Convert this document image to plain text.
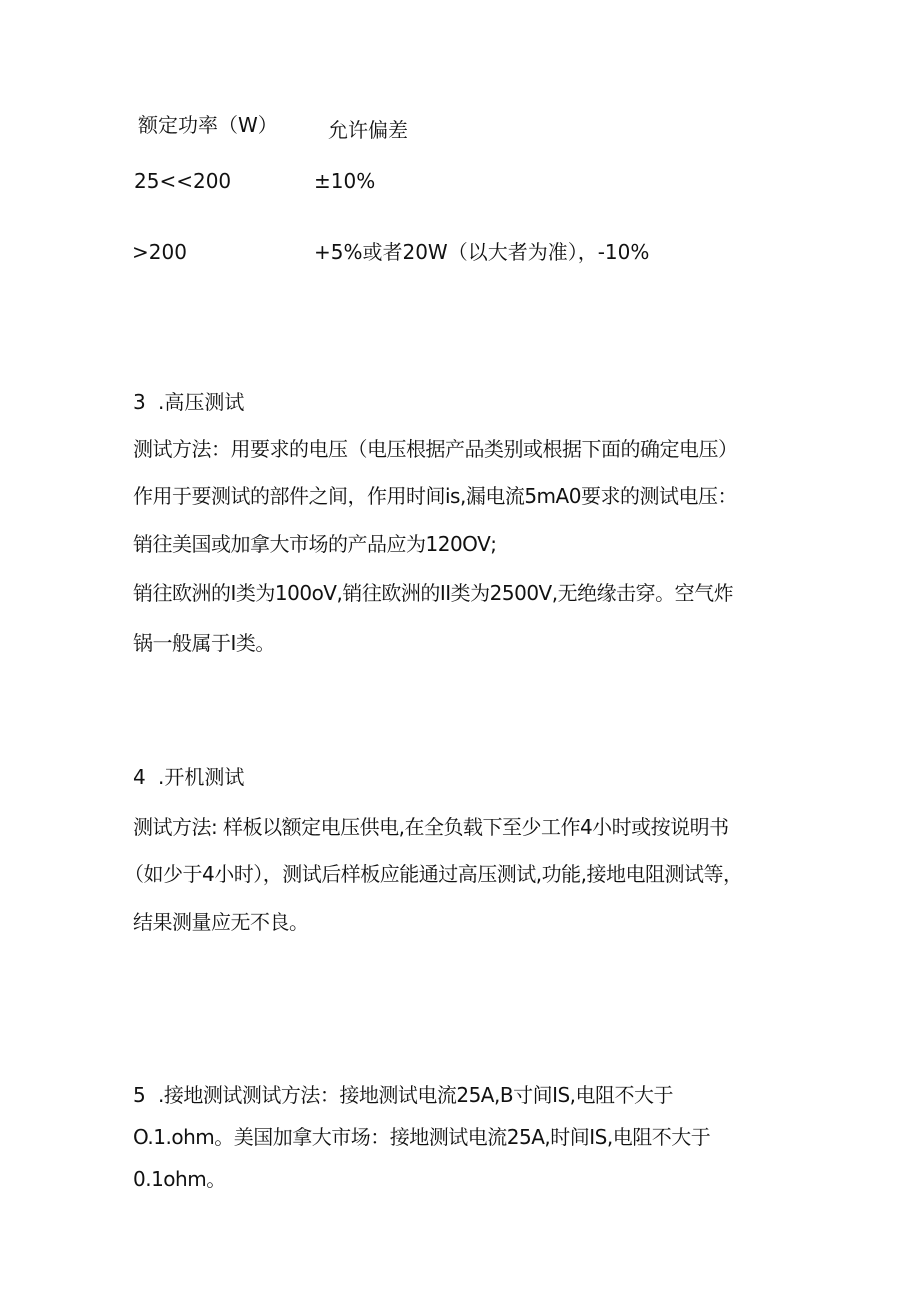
额定功率（W）	允许偏差
25<<200	±10%
>200	+5%或者20W（以大者为准），-10%
3 .高压测试
测试方法：用要求的电压（电压根据产品类别或根据下面的确定电压）
作用于要测试的部件之间，作用时间is,漏电流5mA0要求的测试电压：
销往美国或加拿大市场的产品应为120OV;
销往欧洲的I类为100oV,销往欧洲的II类为2500V,无绝缘击穿。空气炸
锅一般属于I类。
4 .开机测试
测试方法: 样板以额定电压供电,在全负载下至少工作4小时或按说明书
（如少于4小时），测试后样板应能通过高压测试,功能,接地电阻测试等，
结果测量应无不良。
5 .接地测试测试方法：接地测试电流25A,B寸间IS,电阻不大于
O.1.ohm。美国加拿大市场：接地测试电流25A,时间IS,电阻不大于
0.1ohm。
